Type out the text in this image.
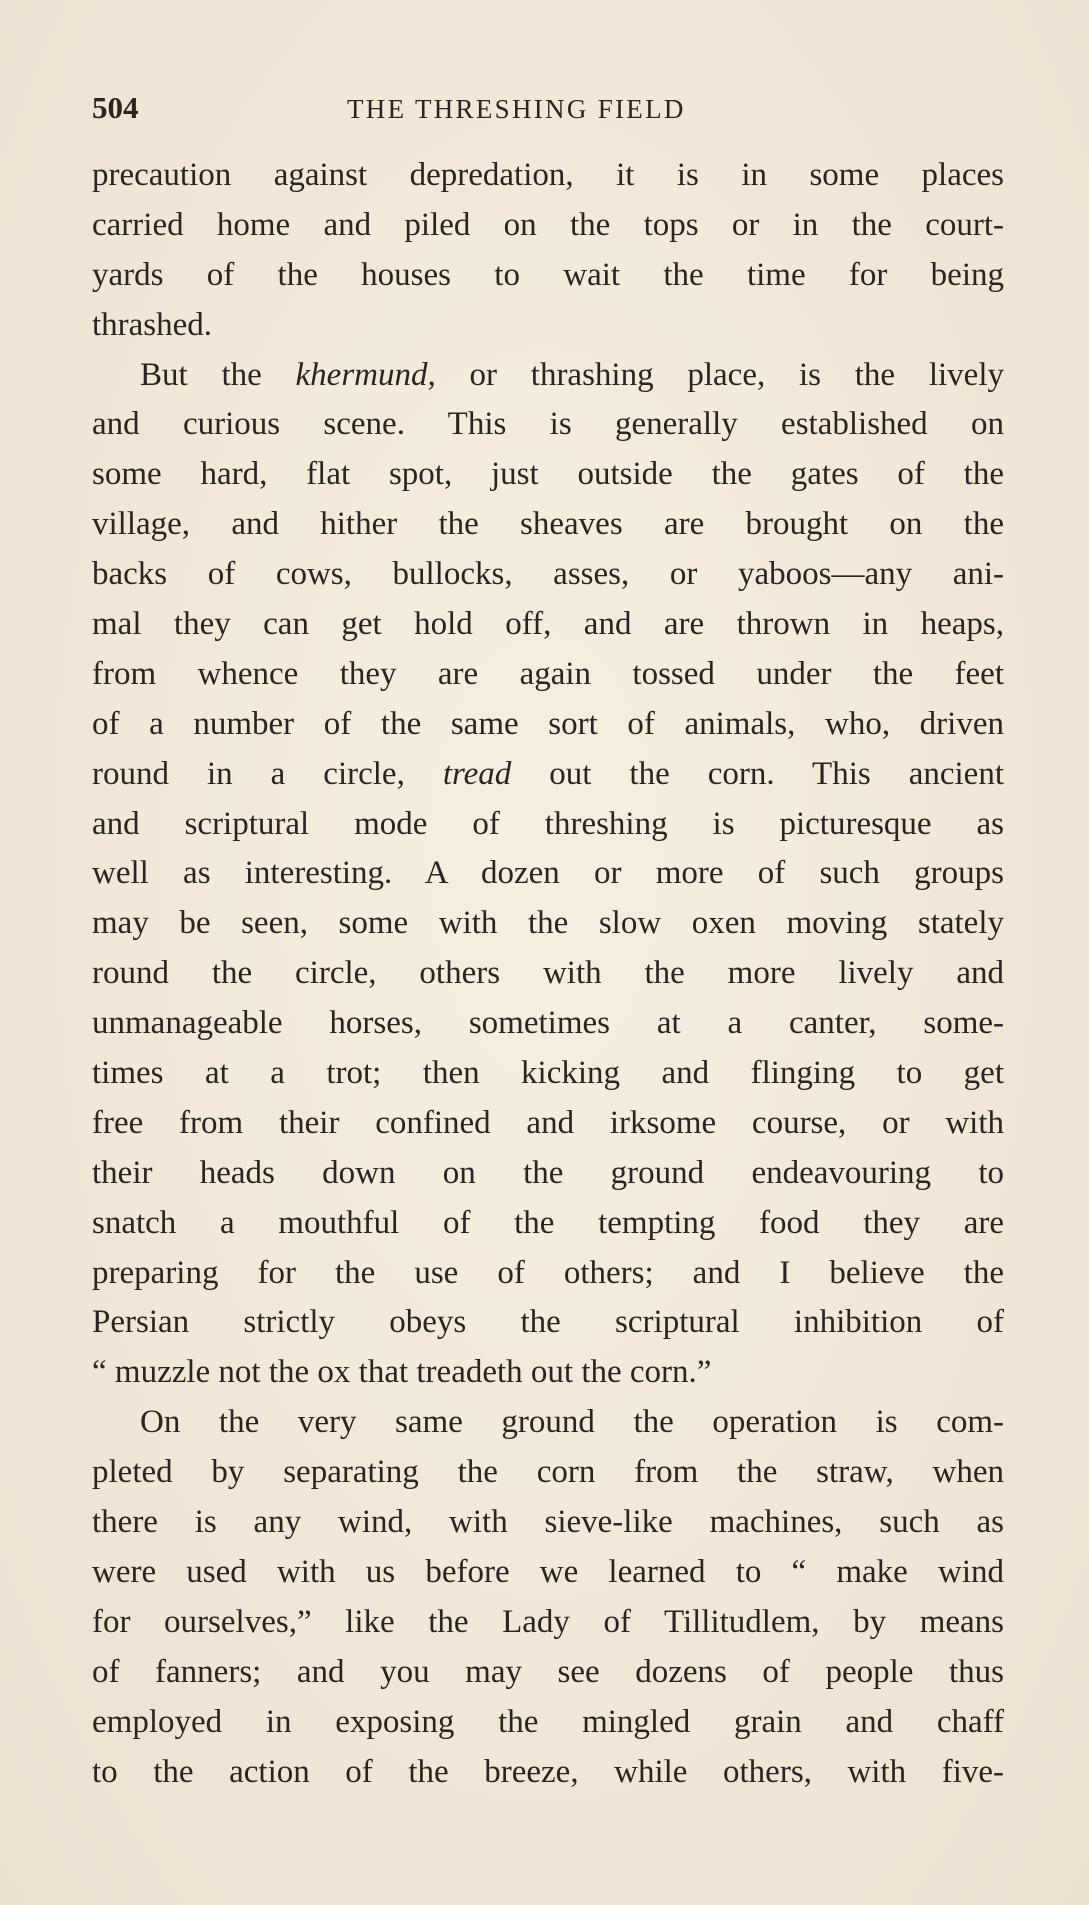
504	THE THRESHING FIELD
precaution against depredation, it is in some places
carried home and piled on the tops or in the court-
yards of the houses to wait the time for being
thrashed.
But the khermund, or thrashing place, is the lively
and curious scene. This is generally established on
some hard, flat spot, just outside the gates of the
village, and hither the sheaves are brought on the
backs of cows, bullocks, asses, or yaboos—any ani-
mal they can get hold off, and are thrown in heaps,
from whence they are again tossed under the feet
of a number of the same sort of animals, who, driven
round in a circle, tread out the corn. This ancient
and scriptural mode of threshing is picturesque as
well as interesting. A dozen or more of such groups
may be seen, some with the slow oxen moving stately
round the circle, others with the more lively and
unmanageable horses, sometimes at a canter, some-
times at a trot; then kicking and flinging to get
free from their confined and irksome course, or with
their heads down on the ground endeavouring to
snatch a mouthful of the tempting food they are
preparing for the use of others; and I believe the
Persian strictly obeys the scriptural inhibition of
“ muzzle not the ox that treadeth out the corn.”
On the very same ground the operation is com-
pleted by separating the corn from the straw, when
there is any wind, with sieve-like machines, such as
were used with us before we learned to “ make wind
for ourselves,” like the Lady of Tillitudlem, by means
of fanners; and you may see dozens of people thus
employed in exposing the mingled grain and chaff
to the action of the breeze, while others, with five-
